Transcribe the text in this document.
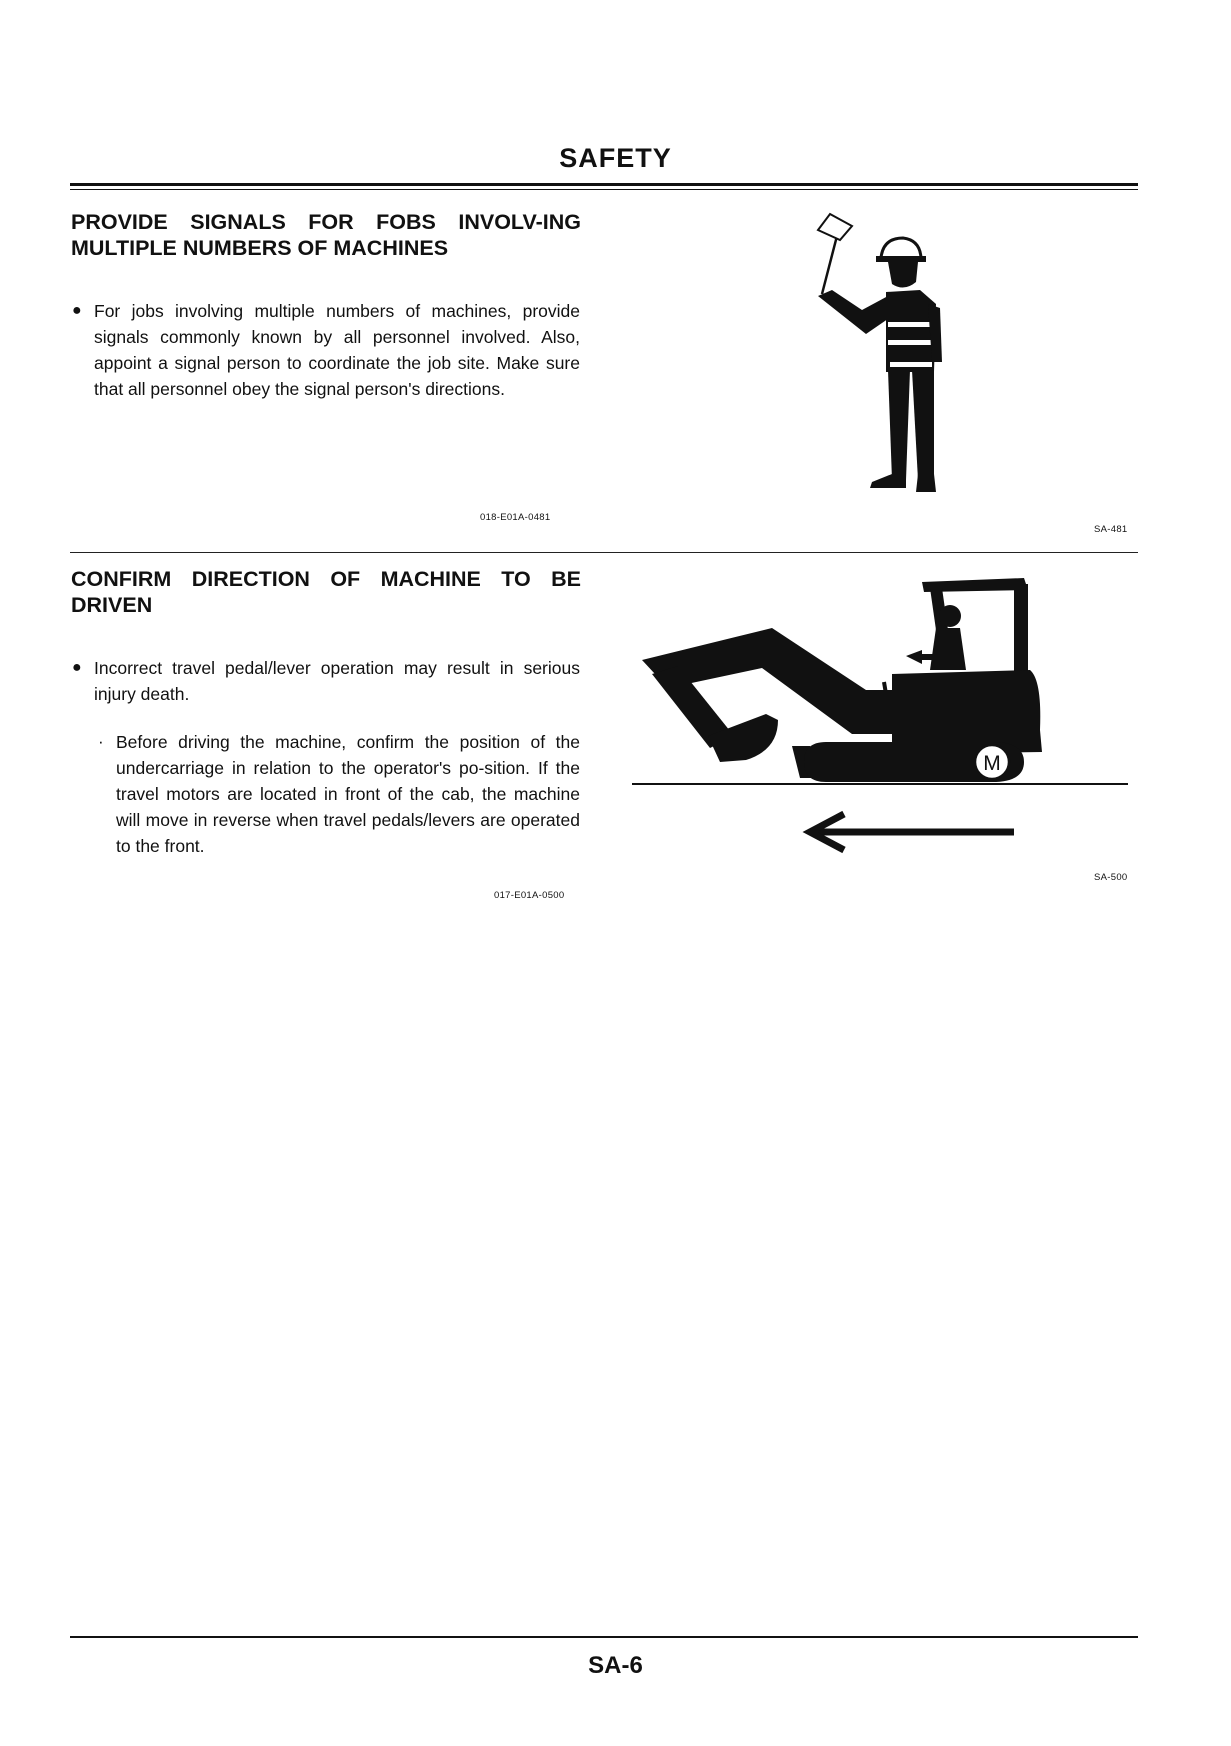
SAFETY
PROVIDE SIGNALS FOR FOBS INVOLV-ING MULTIPLE NUMBERS OF MACHINES
● For jobs involving multiple numbers of machines, provide signals commonly known by all personnel involved. Also, appoint a signal person to coordinate the job site. Make sure that all personnel obey the signal person's directions.
018-E01A-0481
SA-481
CONFIRM DIRECTION OF MACHINE TO BE DRIVEN
● Incorrect travel pedal/lever operation may result in serious injury death.
· Before driving the machine, confirm the position of the undercarriage in relation to the operator's po-sition. If the travel motors are located in front of the cab, the machine will move in reverse when travel pedals/levers are operated to the front.
017-E01A-0500
M
SA-500
SA-6
